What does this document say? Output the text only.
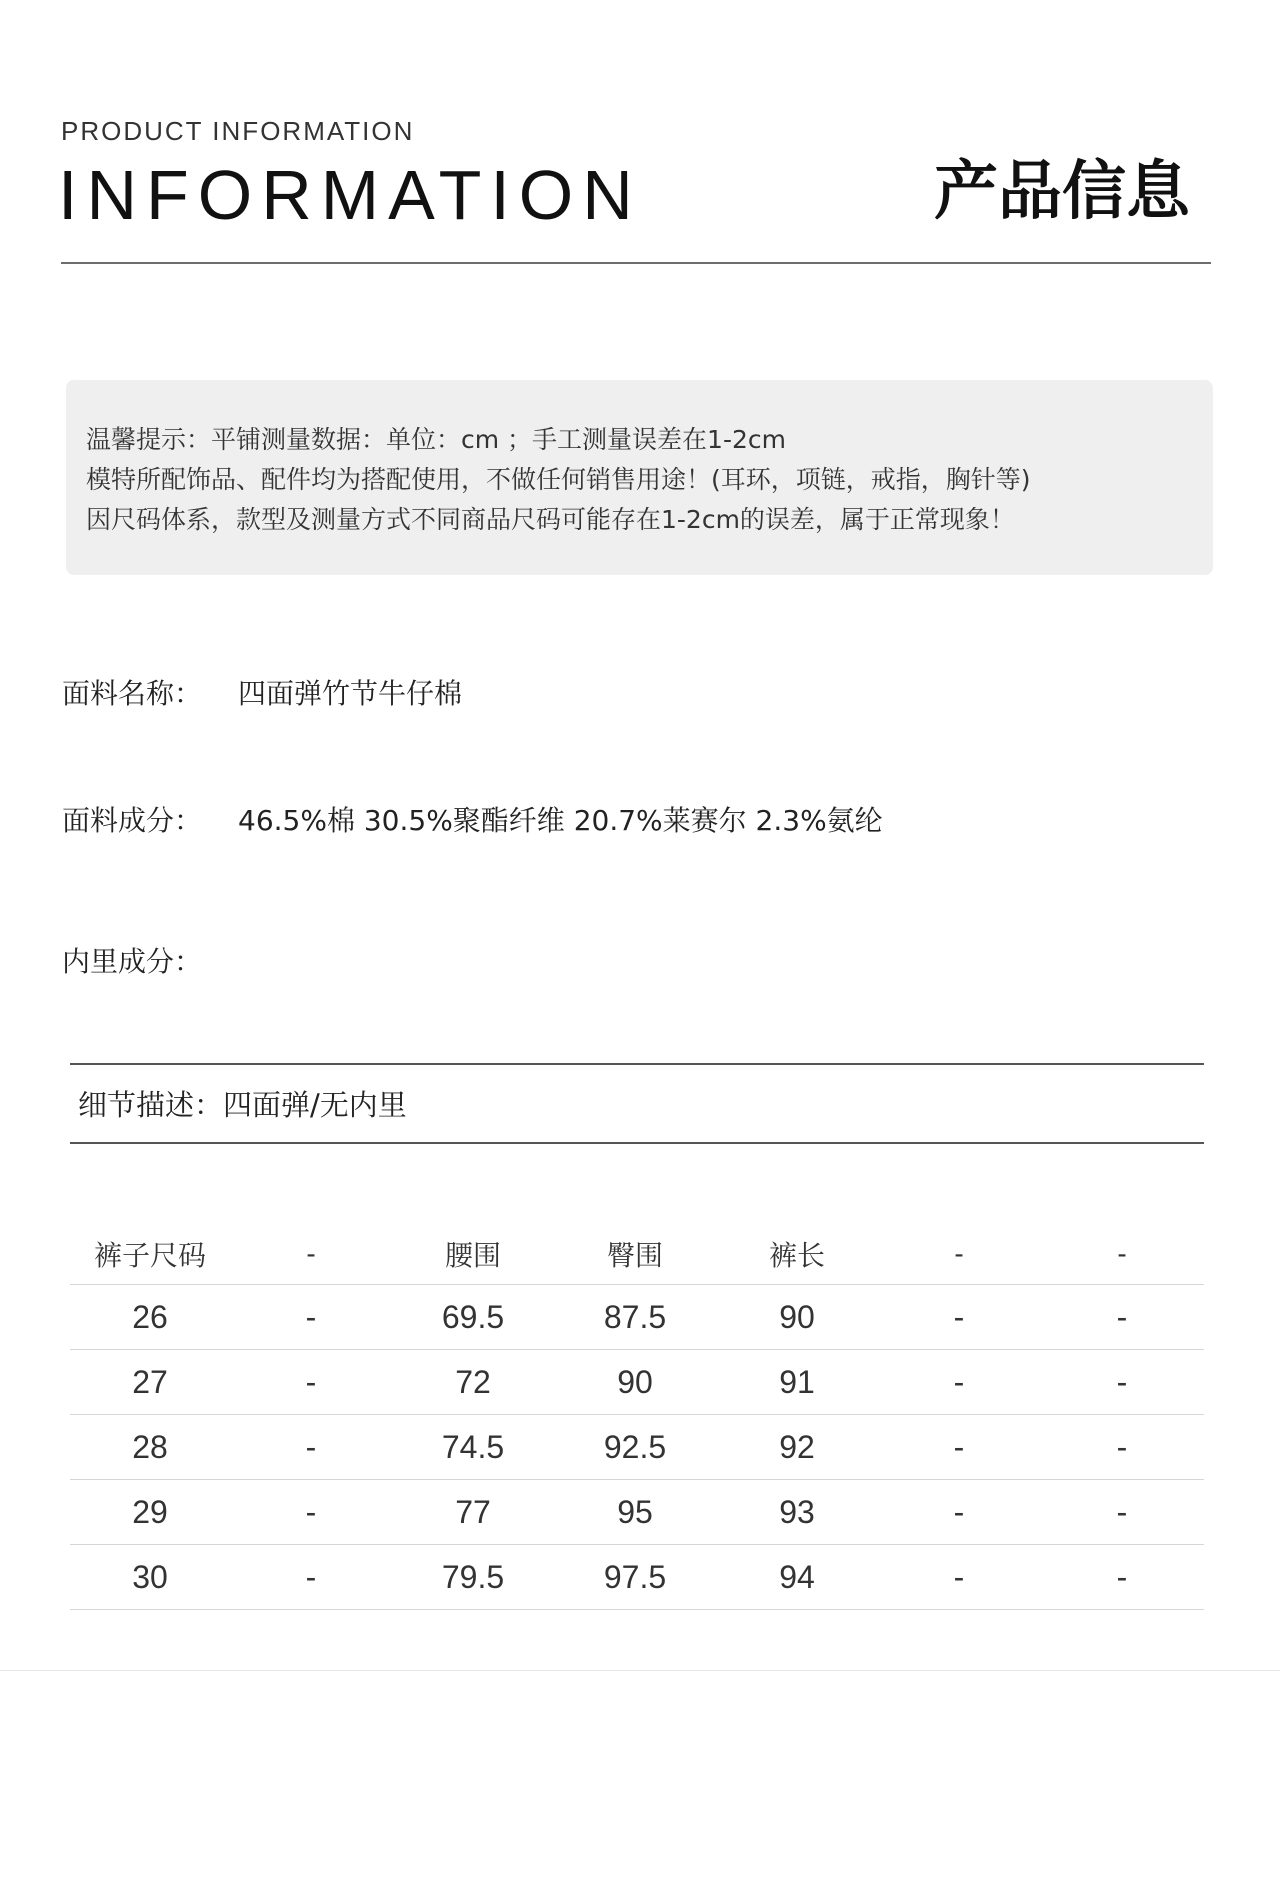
PRODUCT INFORMATION
INFORMATION	产品信息
温馨提示：平铺测量数据：单位：cm ；手工测量误差在1-2cm
模特所配饰品、配件均为搭配使用，不做任何销售用途！(耳环，项链，戒指，胸针等)
因尺码体系，款型及测量方式不同商品尺码可能存在1-2cm的误差，属于正常现象！
面料名称： 四面弹竹节牛仔棉
面料成分： 46.5%棉 30.5%聚酯纤维 20.7%莱赛尔 2.3%氨纶
内里成分：
细节描述：四面弹/无内里
裤子尺码	-	腰围	臀围	裤长	-	-
26	-	69.5	87.5	90	-	-
27	-	72	90	91	-	-
28	-	74.5	92.5	92	-	-
29	-	77	95	93	-	-
30	-	79.5	97.5	94	-	-
